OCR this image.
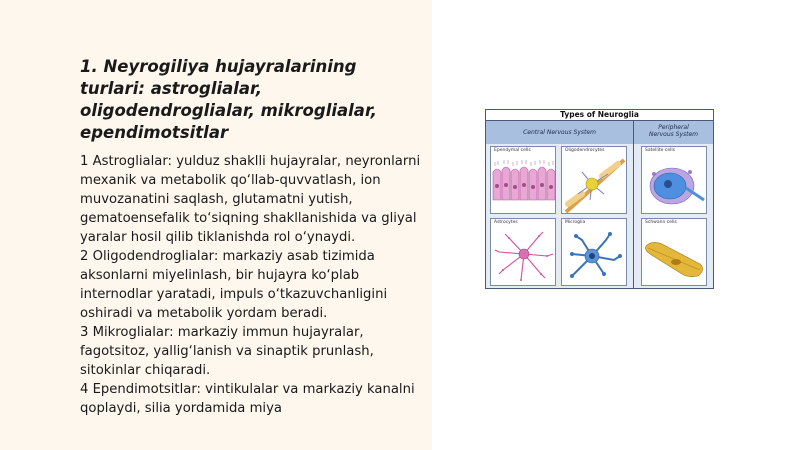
1. Neyrogiliya hujayralarining turlari: astroglialar, oligodendroglialar, mikroglialar, ependimotsitlar

1 Astroglialar: yulduz shaklli hujayralar, neyronlarni mexanik va metabolik qo‘llab-quvvatlash, ion muvozanatini saqlash, glutamatni yutish, gematoensefalik to‘siqning shakllanishida va gliyal yaralar hosil qilib tiklanishda rol o‘ynaydi.

2 Oligodendroglialar: markaziy asab tizimida aksonlarni miyelinlash, bir hujayra ko‘plab internodlar yaratadi, impuls o‘tkazuvchanligini oshiradi va metabolik yordam beradi.

3 Mikroglialar: markaziy immun hujayralar, fagotsitoz, yallig‘lanish va sinaptik prunlash, sitokinlar chiqaradi.

4 Ependimotsitlar: vintikulalar va markaziy kanalni qoplaydi, silia yordamida miya

Types of Neuroglia
Central Nervous System
Peripheral
Nervous System
Ependymal cells	Oligodendrocytes	Satellite cells
Astrocytes	Microglia	Schwann cells
